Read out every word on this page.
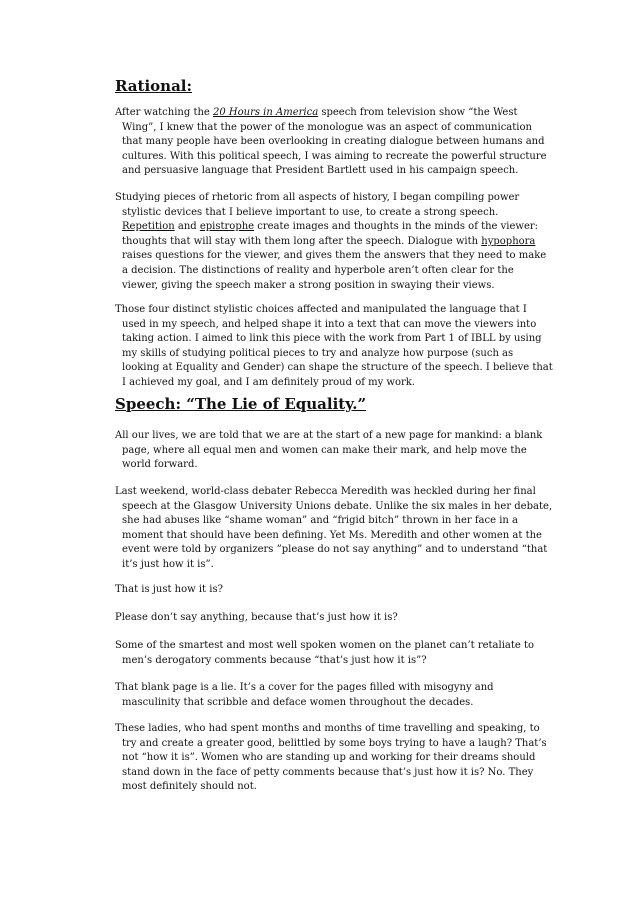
Rational:

After watching the 20 Hours in America speech from television show “the West
Wing”, I knew that the power of the monologue was an aspect of communication
that many people have been overlooking in creating dialogue between humans and
cultures. With this political speech, I was aiming to recreate the powerful structure
and persuasive language that President Bartlett used in his campaign speech.

Studying pieces of rhetoric from all aspects of history, I began compiling power
stylistic devices that I believe important to use, to create a strong speech.
Repetition and epistrophe create images and thoughts in the minds of the viewer:
thoughts that will stay with them long after the speech. Dialogue with hypophora
raises questions for the viewer, and gives them the answers that they need to make
a decision. The distinctions of reality and hyperbole aren’t often clear for the
viewer, giving the speech maker a strong position in swaying their views.

Those four distinct stylistic choices affected and manipulated the language that I
used in my speech, and helped shape it into a text that can move the viewers into
taking action. I aimed to link this piece with the work from Part 1 of IBLL by using
my skills of studying political pieces to try and analyze how purpose (such as
looking at Equality and Gender) can shape the structure of the speech. I believe that
I achieved my goal, and I am definitely proud of my work.

Speech: “The Lie of Equality.”

All our lives, we are told that we are at the start of a new page for mankind: a blank
page, where all equal men and women can make their mark, and help move the
world forward.

Last weekend, world-class debater Rebecca Meredith was heckled during her final
speech at the Glasgow University Unions debate. Unlike the six males in her debate,
she had abuses like “shame woman” and “frigid bitch” thrown in her face in a
moment that should have been defining. Yet Ms. Meredith and other women at the
event were told by organizers ”please do not say anything” and to understand “that
it’s just how it is”.

That is just how it is?

Please don’t say anything, because that’s just how it is?

Some of the smartest and most well spoken women on the planet can’t retaliate to
men’s derogatory comments because “that’s just how it is”?

That blank page is a lie. It’s a cover for the pages filled with misogyny and
masculinity that scribble and deface women throughout the decades.

These ladies, who had spent months and months of time travelling and speaking, to
try and create a greater good, belittled by some boys trying to have a laugh? That’s
not “how it is”. Women who are standing up and working for their dreams should
stand down in the face of petty comments because that’s just how it is? No. They
most definitely should not.
